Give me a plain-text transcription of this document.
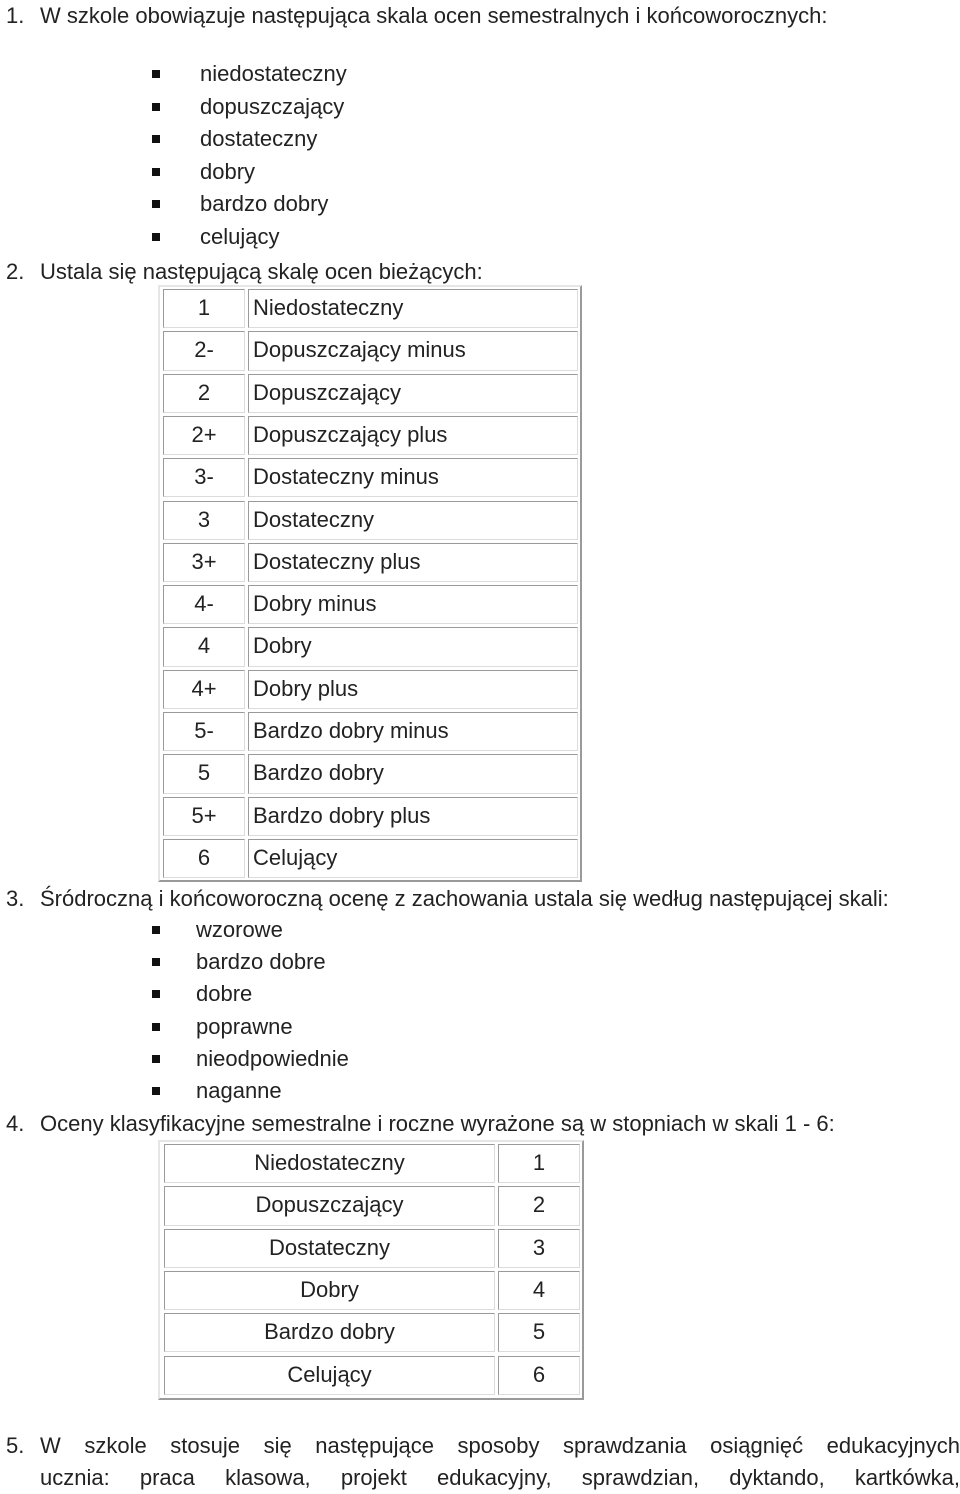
1. W szkole obowiązuje następująca skala ocen semestralnych i końcoworocznych:
niedostateczny
dopuszczający
dostateczny
dobry
bardzo dobry
celujący
2. Ustala się następującą skalę ocen bieżących:
1	Niedostateczny
2-	Dopuszczający minus
2	Dopuszczający
2+	Dopuszczający plus
3-	Dostateczny minus
3	Dostateczny
3+	Dostateczny plus
4-	Dobry minus
4	Dobry
4+	Dobry plus
5-	Bardzo dobry minus
5	Bardzo dobry
5+	Bardzo dobry plus
6	Celujący
3. Śródroczną i końcoworoczną ocenę z zachowania ustala się według następującej skali:
wzorowe
bardzo dobre
dobre
poprawne
nieodpowiednie
naganne
4. Oceny klasyfikacyjne semestralne i roczne wyrażone są w stopniach w skali 1 - 6:
Niedostateczny	1
Dopuszczający	2
Dostateczny	3
Dobry	4
Bardzo dobry	5
Celujący	6
5. W szkole stosuje się następujące sposoby sprawdzania osiągnięć edukacyjnych
ucznia: praca klasowa, projekt edukacyjny, sprawdzian, dyktando, kartkówka,
